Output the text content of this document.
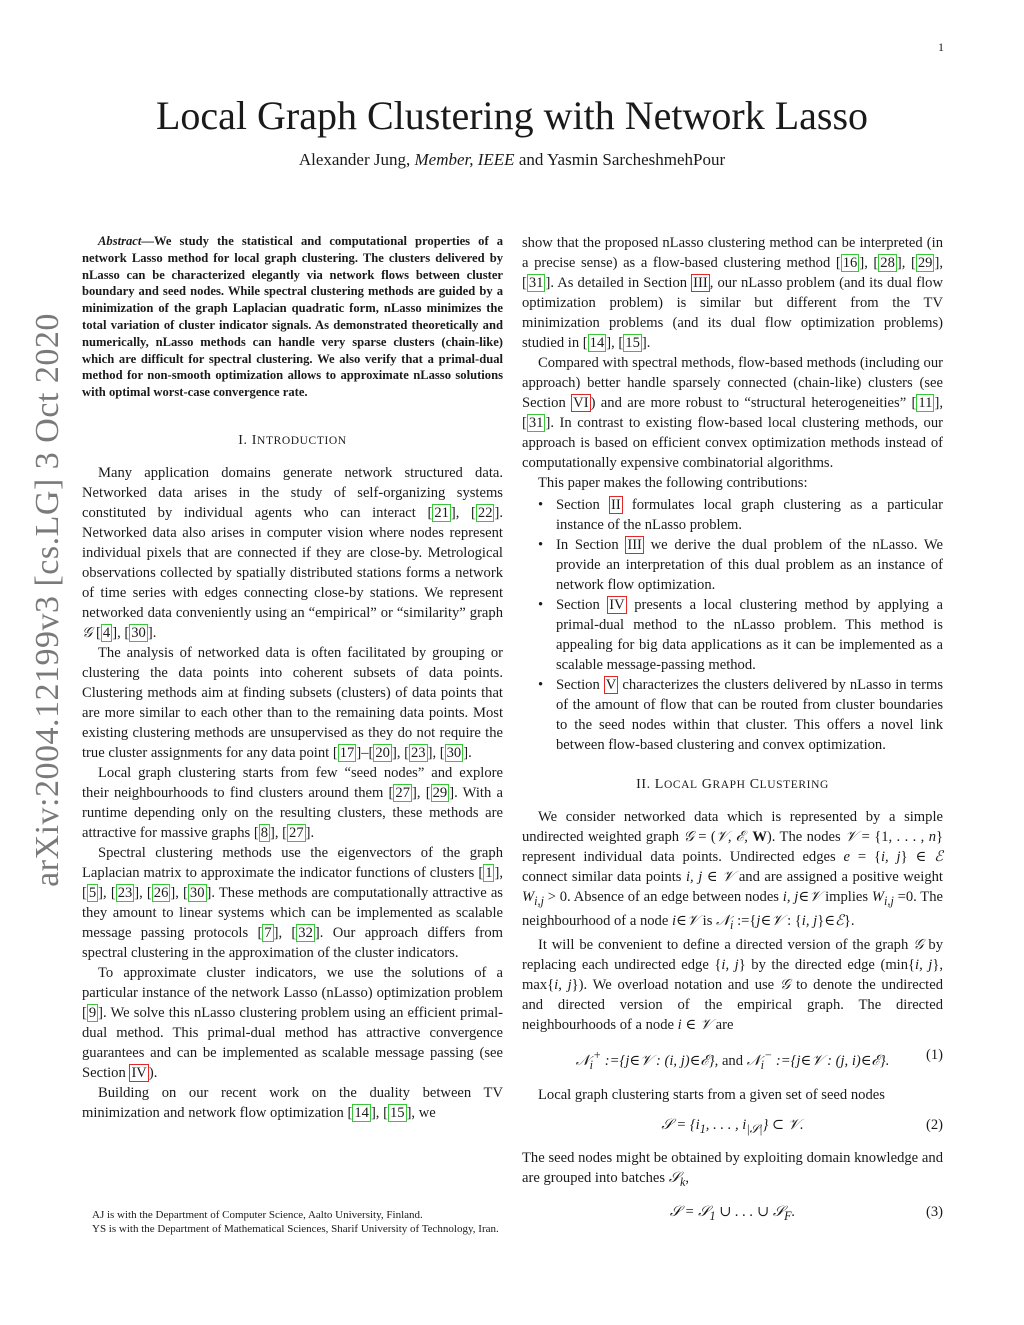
1
Local Graph Clustering with Network Lasso
Alexander Jung, Member, IEEE and Yasmin SarcheshmehPour
arXiv:2004.12199v3 [cs.LG] 3 Oct 2020
Abstract—We study the statistical and computational properties of a network Lasso method for local graph clustering. The clusters delivered by nLasso can be characterized elegantly via network flows between cluster boundary and seed nodes. While spectral clustering methods are guided by a minimization of the graph Laplacian quadratic form, nLasso minimizes the total variation of cluster indicator signals. As demonstrated theoretically and numerically, nLasso methods can handle very sparse clusters (chain-like) which are difficult for spectral clustering. We also verify that a primal-dual method for non-smooth optimization allows to approximate nLasso solutions with optimal worst-case convergence rate.
I. INTRODUCTION

Many application domains generate network structured data. Networked data arises in the study of self-organizing systems constituted by individual agents who can interact [ 21 ], [ 22 ]. Networked data also arises in computer vision where nodes represent individual pixels that are connected if they are close-by. Metrological observations collected by spatially distributed stations forms a network of time series with edges connecting close-by stations. We represent networked data conveniently using an “empirical” or “similarity” graph 𝒢 [ 4 ], [ 30 ].

The analysis of networked data is often facilitated by grouping or clustering the data points into coherent subsets of data points. Clustering methods aim at finding subsets (clusters) of data points that are more similar to each other than to the remaining data points. Most existing clustering methods are unsupervised as they do not require the true cluster assignments for any data point [ 17 ]–[ 20 ], [ 23 ], [ 30 ].

Local graph clustering starts from few “seed nodes” and explore their neighbourhoods to find clusters around them [ 27 ], [ 29 ]. With a runtime depending only on the resulting clusters, these methods are attractive for massive graphs [ 8 ], [ 27 ].

Spectral clustering methods use the eigenvectors of the graph Laplacian matrix to approximate the indicator functions of clusters [ 1 ], [ 5 ], [ 23 ], [ 26 ], [ 30 ]. These methods are computationally attractive as they amount to linear systems which can be implemented as scalable message passing protocols [ 7 ], [ 32 ]. Our approach differs from spectral clustering in the approximation of the cluster indicators.

To approximate cluster indicators, we use the solutions of a particular instance of the network Lasso (nLasso) optimization problem [ 9 ]. We solve this nLasso clustering problem using an efficient primal-dual method. This primal-dual method has attractive convergence guarantees and can be implemented as scalable message passing (see Section IV ).

Building on our recent work on the duality between TV minimization and network flow optimization [ 14 ], [ 15 ], we

AJ is with the Department of Computer Science, Aalto University, Finland.

YS is with the Department of Mathematical Sciences, Sharif University of Technology, Iran.

show that the proposed nLasso clustering method can be interpreted (in a precise sense) as a flow-based clustering method [ 16 ], [ 28 ], [ 29 ], [ 31 ]. As detailed in Section III , our nLasso problem (and its dual flow optimization problem) is similar but different from the TV minimization problems (and its dual flow optimization problems) studied in [ 14 ], [ 15 ].

Compared with spectral methods, flow-based methods (including our approach) better handle sparsely connected (chain-like) clusters (see Section VI ) and are more robust to “structural heterogeneities” [ 11 ], [ 31 ]. In contrast to existing flow-based local clustering methods, our approach is based on efficient convex optimization methods instead of computationally expensive combinatorial algorithms.

This paper makes the following contributions:

• Section II formulates local graph clustering as a particular instance of the nLasso problem.
• In Section III we derive the dual problem of the nLasso. We provide an interpretation of this dual problem as an instance of network flow optimization.
• Section IV presents a local clustering method by applying a primal-dual method to the nLasso problem. This method is appealing for big data applications as it can be implemented as a scalable message-passing method.
• Section V characterizes the clusters delivered by nLasso in terms of the amount of flow that can be routed from cluster boundaries to the seed nodes within that cluster. This offers a novel link between flow-based clustering and convex optimization.
II. LOCAL GRAPH CLUSTERING

We consider networked data which is represented by a simple undirected weighted graph 𝒢 = (𝒱, ℰ, W). The nodes 𝒱 = {1, . . . , n} represent individual data points. Undirected edges e = {i, j} ∈ ℰ connect similar data points i, j ∈ 𝒱 and are assigned a positive weight $W_{i,j} > 0$. Absence of an edge between nodes i, j∈𝒱 implies $W_{i,j} =0$. The neighbourhood of a node i∈𝒱 is 𝒩$_i$ :={j∈𝒱 : {i, j}∈ℰ}.

It will be convenient to define a directed version of the graph 𝒢 by replacing each undirected edge {i, j} by the directed edge (min{i, j}, max{i, j}). We overload notation and use 𝒢 to denote the undirected and directed version of the empirical graph. The directed neighbourhoods of a node i ∈ 𝒱 are

𝒩$_i$+ :={j∈𝒱 : (i, j)∈ℰ}, and 𝒩$_i$− :={j∈𝒱 : (j, i)∈ℰ}.	(1)

Local graph clustering starts from a given set of seed nodes

𝒮 = {$i_1$, . . . , $i_{|𝒮|}$} ⊂ 𝒱.	(2)

The seed nodes might be obtained by exploiting domain knowledge and are grouped into batches 𝒮$_k$,

𝒮 = 𝒮$_1$ ∪ . . . ∪ 𝒮$_F$.	(3)
